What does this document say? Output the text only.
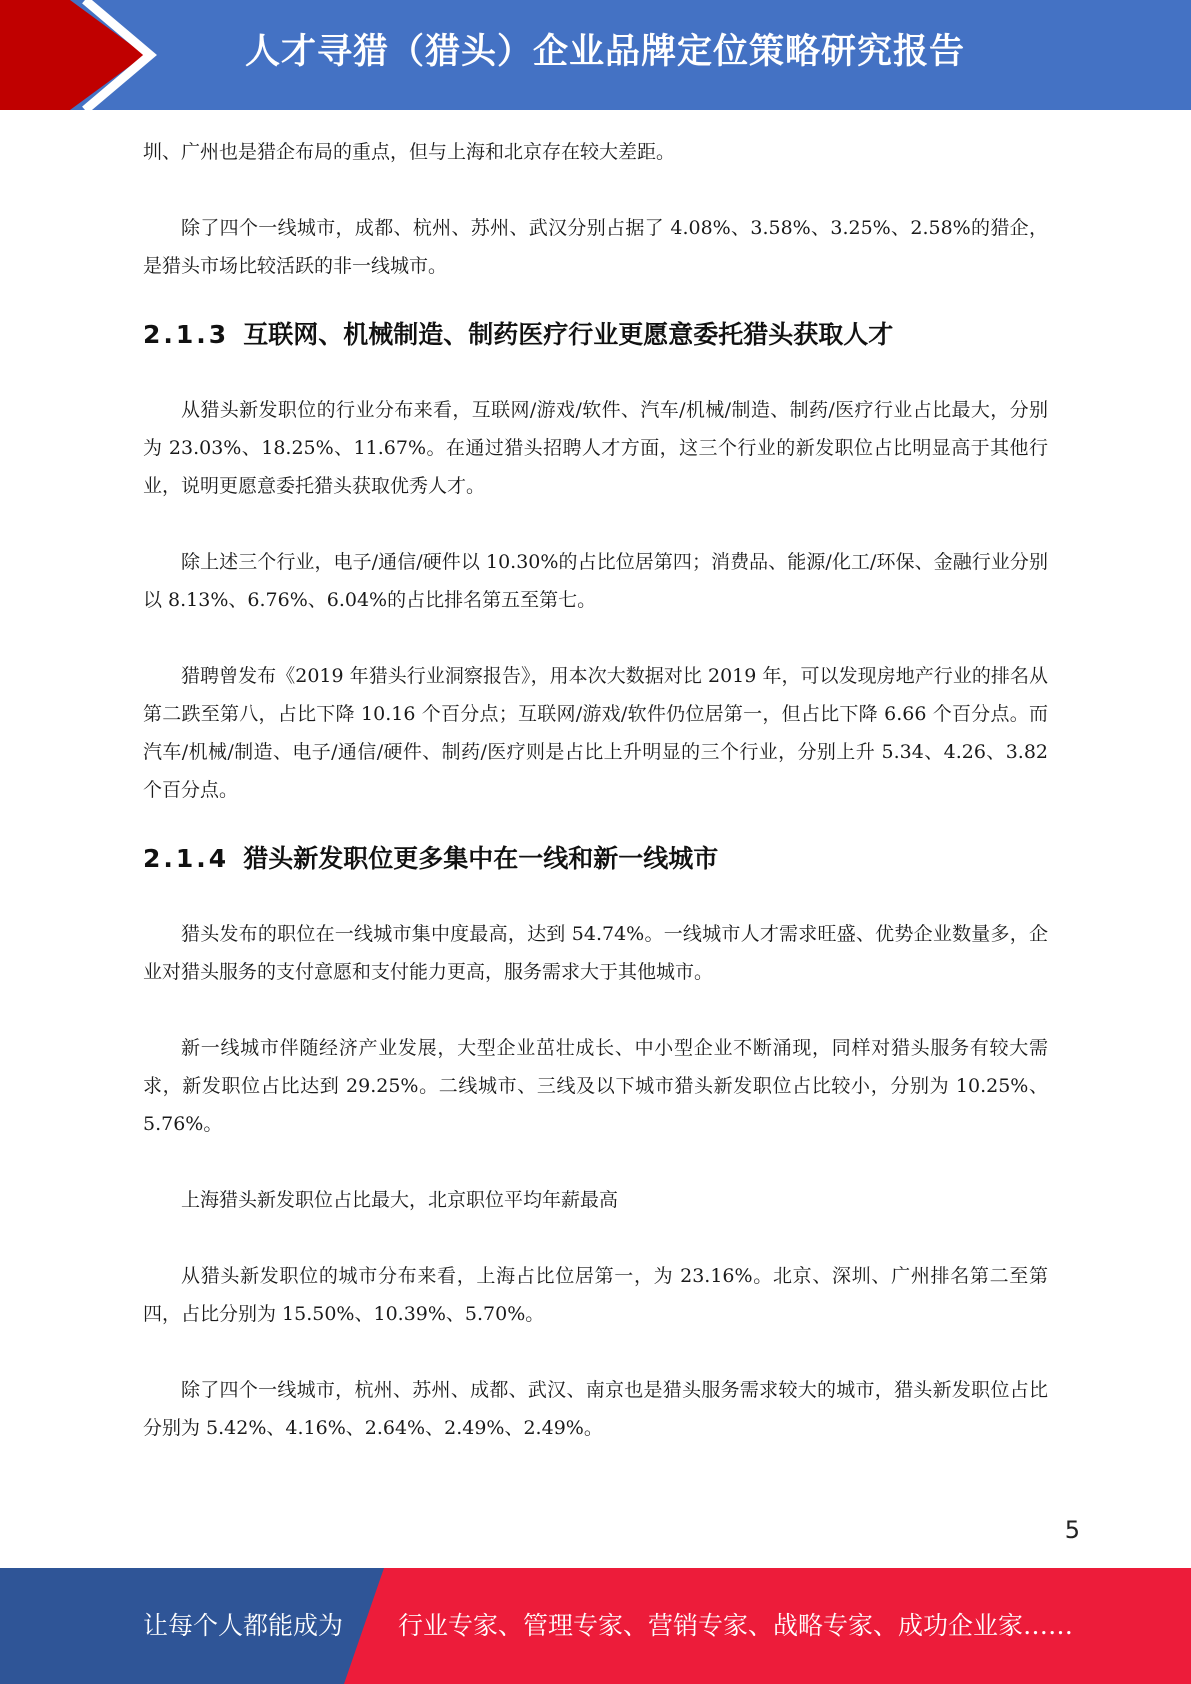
人才寻猎（猎头）企业品牌定位策略研究报告

圳、广州也是猎企布局的重点，但与上海和北京存在较大差距。

除了四个一线城市，成都、杭州、苏州、武汉分别占据了 4.08%、3.58%、3.25%、2.58%的猎企，是猎头市场比较活跃的非一线城市。

2.1.3 互联网、机械制造、制药医疗行业更愿意委托猎头获取人才

从猎头新发职位的行业分布来看，互联网/游戏/软件、汽车/机械/制造、制药/医疗行业占比最大，分别为 23.03%、18.25%、11.67%。在通过猎头招聘人才方面，这三个行业的新发职位占比明显高于其他行业，说明更愿意委托猎头获取优秀人才。

除上述三个行业，电子/通信/硬件以 10.30%的占比位居第四；消费品、能源/化工/环保、金融行业分别以 8.13%、6.76%、6.04%的占比排名第五至第七。

猎聘曾发布《2019 年猎头行业洞察报告》，用本次大数据对比 2019 年，可以发现房地产行业的排名从第二跌至第八，占比下降 10.16 个百分点；互联网/游戏/软件仍位居第一，但占比下降 6.66 个百分点。而汽车/机械/制造、电子/通信/硬件、制药/医疗则是占比上升明显的三个行业，分别上升 5.34、4.26、3.82 个百分点。

2.1.4 猎头新发职位更多集中在一线和新一线城市

猎头发布的职位在一线城市集中度最高，达到 54.74%。一线城市人才需求旺盛、优势企业数量多，企业对猎头服务的支付意愿和支付能力更高，服务需求大于其他城市。

新一线城市伴随经济产业发展，大型企业茁壮成长、中小型企业不断涌现，同样对猎头服务有较大需求，新发职位占比达到 29.25%。二线城市、三线及以下城市猎头新发职位占比较小，分别为 10.25%、5.76%。

上海猎头新发职位占比最大，北京职位平均年薪最高

从猎头新发职位的城市分布来看，上海占比位居第一，为 23.16%。北京、深圳、广州排名第二至第四，占比分别为 15.50%、10.39%、5.70%。

除了四个一线城市，杭州、苏州、成都、武汉、南京也是猎头服务需求较大的城市，猎头新发职位占比分别为 5.42%、4.16%、2.64%、2.49%、2.49%。

5
让每个人都能成为 行业专家、管理专家、营销专家、战略专家、成功企业家……
